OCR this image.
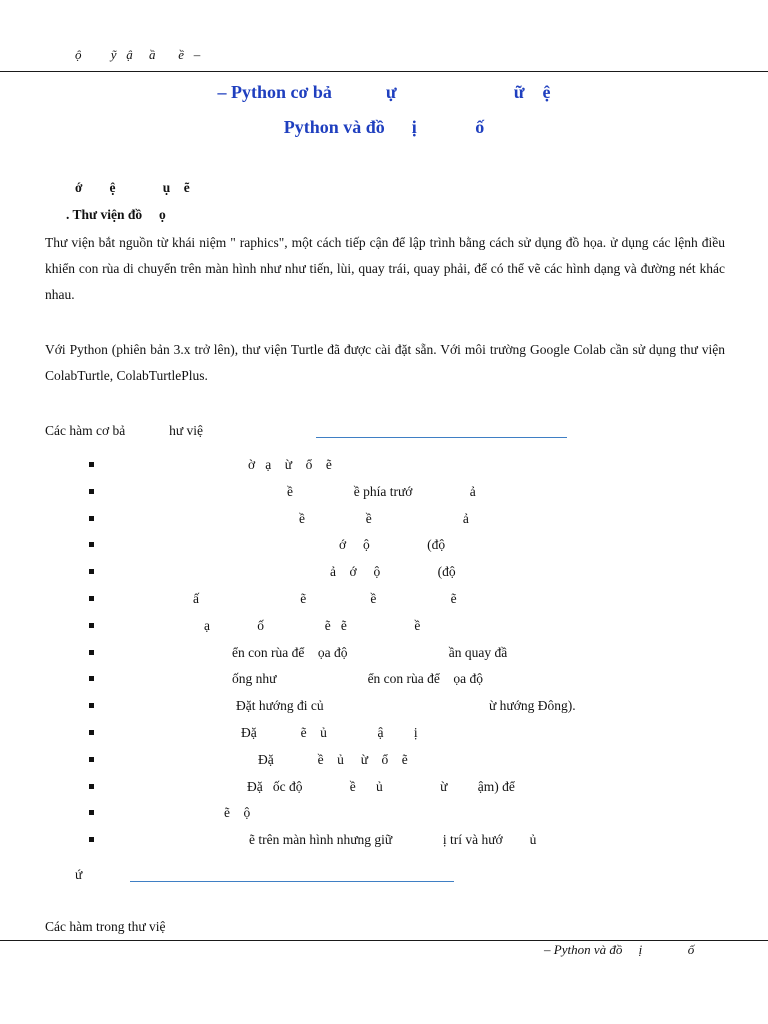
ộ         ỹ   ậ     ầ       ề   –
– Python cơ bả            ự                          ữ    ệ
Python và đồ      ị             ố
ớ        ệ              ụ    ẽ
. Thư viện đồ     ọ
Thư viện bắt nguồn từ khái niệm " raphics", một cách tiếp cận để lập trình bằng cách sử dụng đồ họa. ử dụng các lệnh điều khiển con rùa di chuyển trên màn hình như như tiến, lùi, quay trái, quay phải, để có thể vẽ các hình dạng và đường nét khác nhau.
Với Python (phiên bản 3.x trở lên), thư viện Turtle đã được cài đặt sẵn. Với môi trường Google Colab cần sử dụng thư viện ColabTurtle, ColabTurtlePlus.
Các hàm cơ bả             hư việ
ờ   ạ    ừ    ổ    ẽ
ề                  ề phía trướ                 ả
ề                  ề                           ả
ớ     ộ                 (độ
ả    ớ     ộ                 (độ
ấ                              ẽ                   ề                      ẽ
ạ              ố                  ẽ   ẽ                    ề
ển con rùa để    ọa độ                              ần quay đầ
ống như                           ển con rùa để    ọa độ
Đặt hướng đi củ                                                 ừ hướng Đông).
Đặ             ẽ    ủ               ậ         ị
Đặ             ề    ủ     ừ    ổ    ẽ
Đặ   ốc độ              ề      ủ                 ừ         ậm) để
ẽ    ộ
ẽ trên màn hình nhưng giữ               ị trí và hướ        ủ
ứ
Các hàm trong thư việ
– Python và đồ     ị              ố
